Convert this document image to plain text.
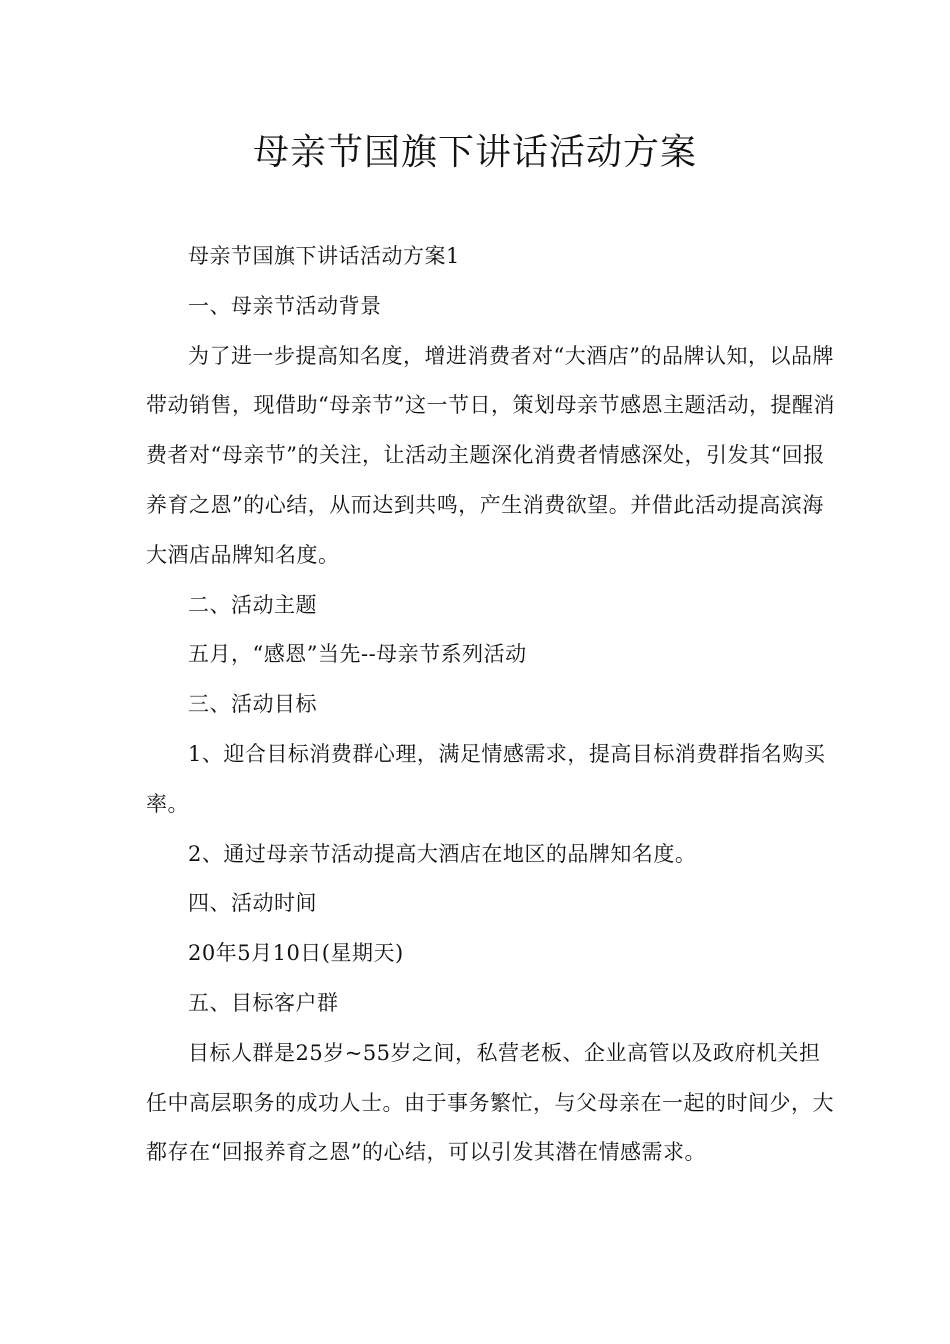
母亲节国旗下讲话活动方案

母亲节国旗下讲话活动方案1

一、母亲节活动背景

为了进一步提高知名度，增进消费者对“大酒店”的品牌认知，以品牌带动销售，现借助“母亲节”这一节日，策划母亲节感恩主题活动，提醒消费者对“母亲节”的关注，让活动主题深化消费者情感深处，引发其“回报养育之恩”的心结，从而达到共鸣，产生消费欲望。并借此活动提高滨海大酒店品牌知名度。

二、活动主题

五月，“感恩”当先--母亲节系列活动

三、活动目标

1、迎合目标消费群心理，满足情感需求，提高目标消费群指名购买率。

2、通过母亲节活动提高大酒店在地区的品牌知名度。

四、活动时间

20年5月10日(星期天)

五、目标客户群

目标人群是25岁~55岁之间，私营老板、企业高管以及政府机关担任中高层职务的成功人士。由于事务繁忙，与父母亲在一起的时间少，大都存在“回报养育之恩”的心结，可以引发其潜在情感需求。
